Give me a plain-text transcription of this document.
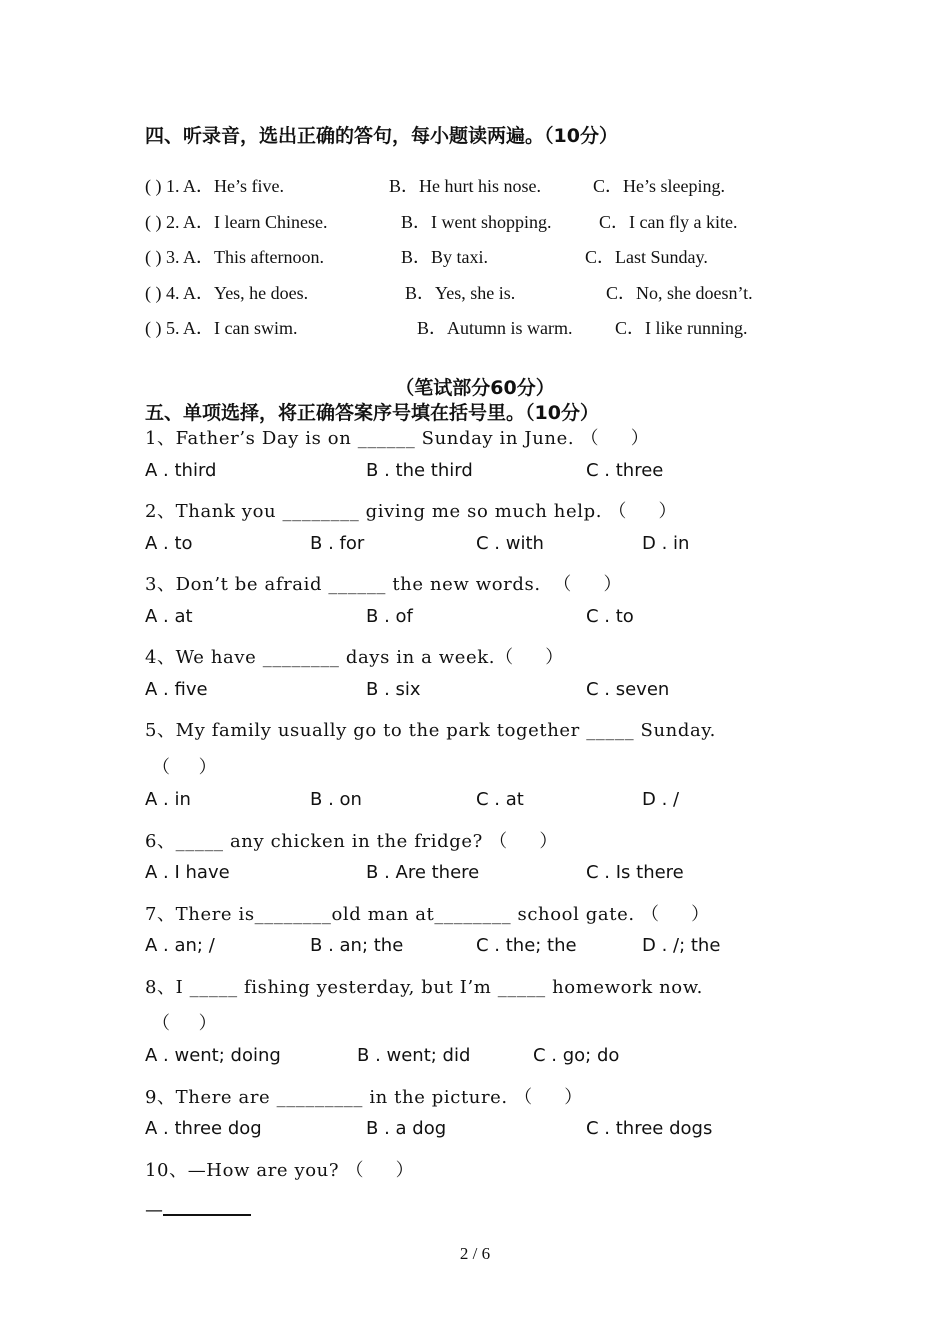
四、听录音，选出正确的答句，每小题读两遍。（10分）
( ) 1. A．He’s five.	B．He hurt his nose.	C．He’s sleeping.
( ) 2. A．I learn Chinese.	B．I went shopping.	C．I can fly a kite.
( ) 3. A．This afternoon.	B．By taxi.	C．Last Sunday.
( ) 4. A．Yes, he does.	B．Yes, she is.	C．No, she doesn’t.
( ) 5. A．I can swim.	B．Autumn is warm. C．I like running.
（笔试部分60分）
五、单项选择，将正确答案序号填在括号里。（10分）
1、Father’s Day is on ______ Sunday in June. （     ）
A . third	B . the third	C . three
2、Thank you ________ giving me so much help. （     ）
A . to	B . for	C . with	D . in
3、Don’t be afraid ______ the new words.  （     ）
A . at	B . of	C . to
4、We have ________ days in a week.（     ）
A . five	B . six	C . seven
5、My family usually go to the park together _____ Sunday.
（     ）
A . in	B . on	C . at	D . /
6、_____ any chicken in the fridge? （     ）
A . I have	B . Are there	C . Is there
7、There is________old man at________ school gate. （     ）
A . an; /	B . an; the	C . the; the	D . /; the
8、I _____ fishing yesterday, but I’m _____ homework now.
（     ）
A . went; doing	B . went; did	C . go; do
9、There are _________ in the picture. （     ）
A . three dog	B . a dog	C . three dogs
10、—How are you? （     ）
—
2 / 6
